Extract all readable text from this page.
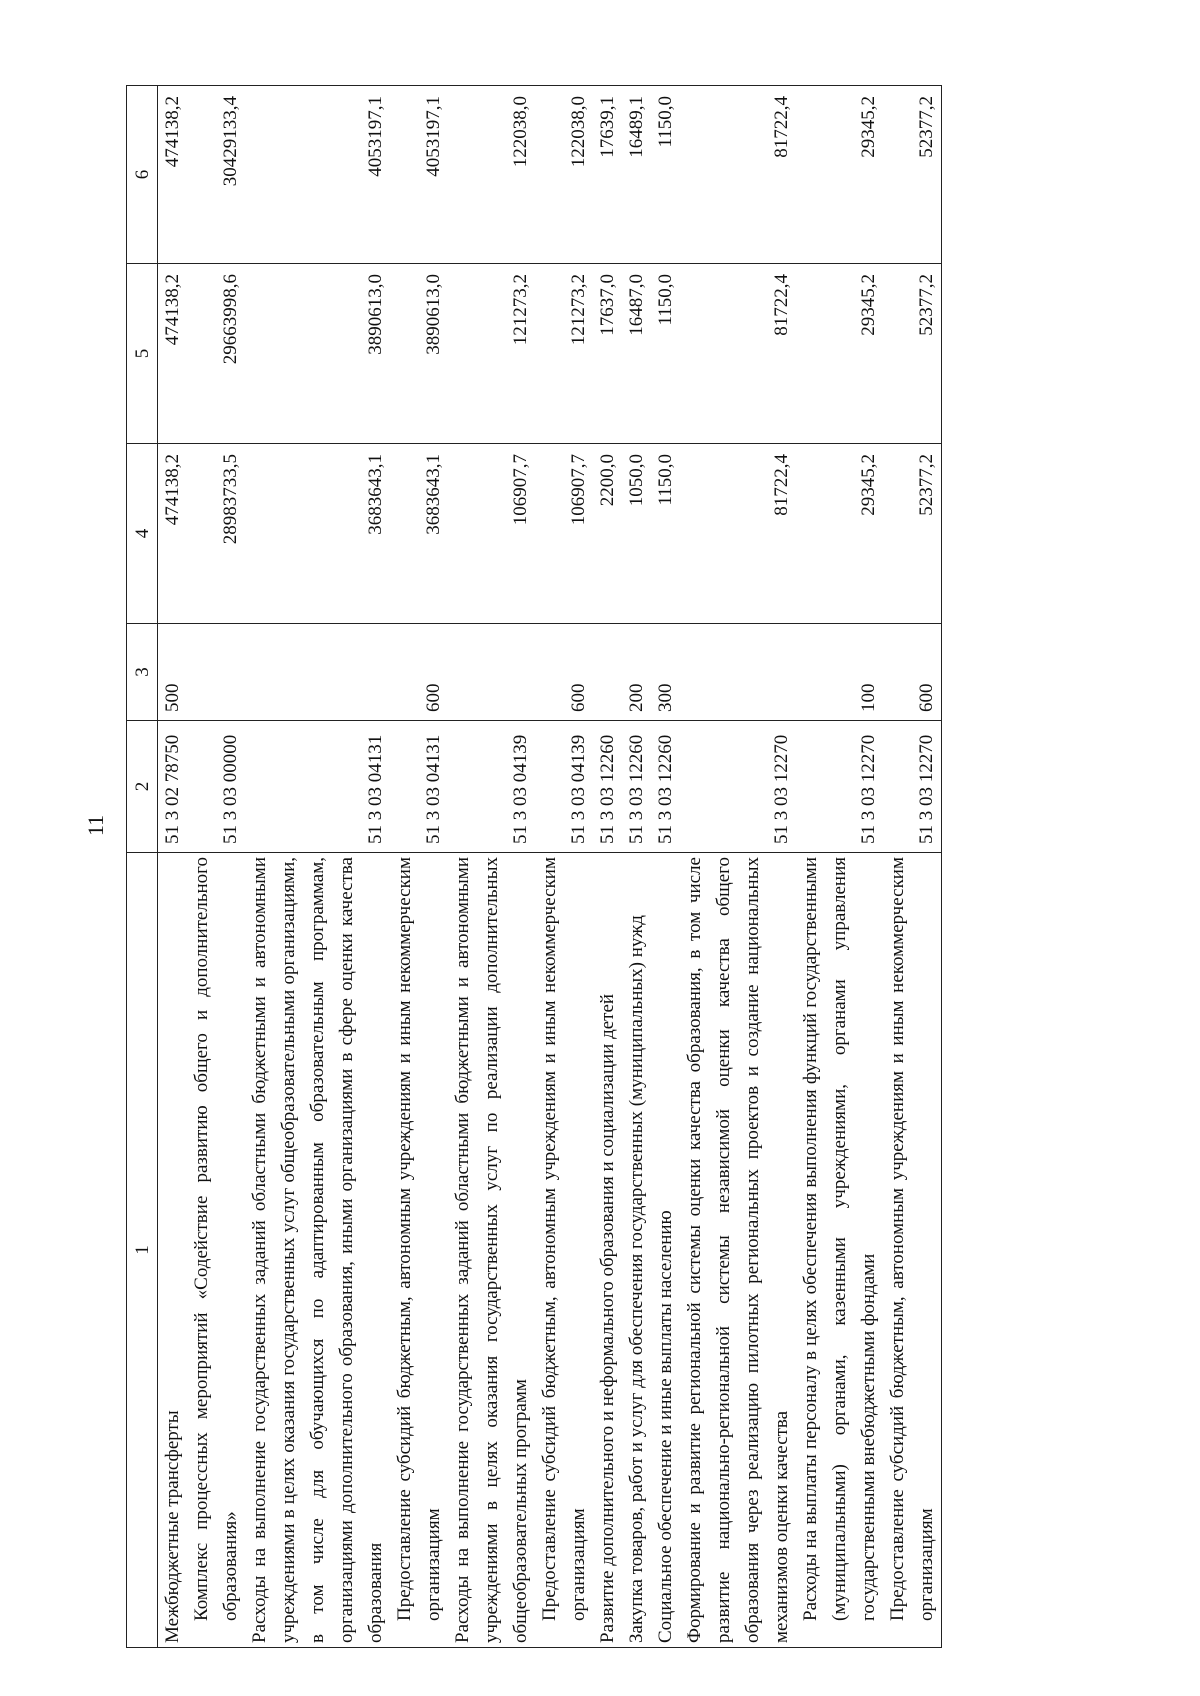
11
1	2	3	4	5	6
Межбюджетные трансферты	51 3 02 78750	500	474138,2	474138,2	474138,2
Комплекс процессных мероприятий «Содействие развитию общего и дополнительного образования»	51 3 03 00000		28983733,5	29663998,6	30429133,4
Расходы на выполнение государственных заданий областными бюджетными и автономными учреждениями в целях оказания государственных услуг общеобразовательными организациями, в том числе для обучающихся по адаптированным образовательным программам, организациями дополнительного образования, иными организациями в сфере оценки качества образования	51 3 03 04131		3683643,1	3890613,0	4053197,1
Предоставление субсидий бюджетным, автономным учреждениям и иным некоммерческим организациям	51 3 03 04131	600	3683643,1	3890613,0	4053197,1
Расходы на выполнение государственных заданий областными бюджетными и автономными учреждениями в целях оказания государственных услуг по реализации дополнительных общеобразовательных программ	51 3 03 04139		106907,7	121273,2	122038,0
Предоставление субсидий бюджетным, автономным учреждениям и иным некоммерческим организациям	51 3 03 04139	600	106907,7	121273,2	122038,0
Развитие дополнительного и неформального образования и социализации детей	51 3 03 12260		2200,0	17637,0	17639,1
Закупка товаров, работ и услуг для обеспечения государственных (муниципальных) нужд	51 3 03 12260	200	1050,0	16487,0	16489,1
Социальное обеспечение и иные выплаты населению	51 3 03 12260	300	1150,0	1150,0	1150,0
Формирование и развитие региональной системы оценки качества образования, в том числе развитие национально-региональной системы независимой оценки качества общего образования через реализацию пилотных региональных проектов и создание национальных механизмов оценки качества	51 3 03 12270		81722,4	81722,4	81722,4
Расходы на выплаты персоналу в целях обеспечения выполнения функций государственными (муниципальными) органами, казенными учреждениями, органами управления государственными внебюджетными фондами	51 3 03 12270	100	29345,2	29345,2	29345,2
Предоставление субсидий бюджетным, автономным учреждениям и иным некоммерческим организациям	51 3 03 12270	600	52377,2	52377,2	52377,2
